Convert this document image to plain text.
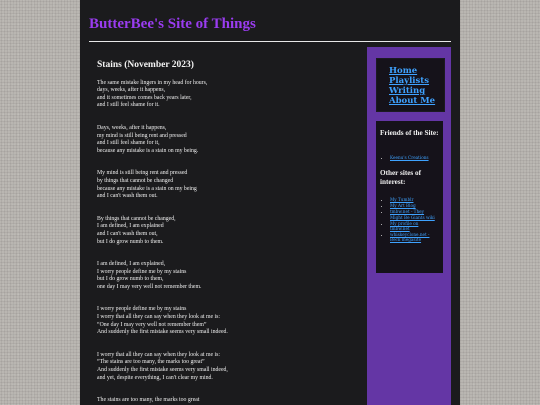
ButterBee's Site of Things
Stains (November 2023)

The same mistake lingers in my head for hours,
days, weeks, after it happens,
and it sometimes comes back years later,
and I still feel shame for it.

Days, weeks, after it happens,
my mind is still being rent and pressed
and I still feel shame for it,
because any mistake is a stain on my being.

My mind is still being rent and pressed
by things that cannot be changed
because any mistake is a stain on my being
and I can't wash them out.

By things that cannot be changed,
I am defined, I am explained
and I can't wash them out,
but I do grow numb to them.

I am defined, I am explained,
I worry people define me by my stains
but I do grow numb to them,
one day I may very well not remember them.

I worry people define me by my stains
I worry that all they can say when they look at me is:
“One day I may very well not remember them”
And suddenly the first mistake seems very small indeed.

I worry that all they can say when they look at me is:
“The stains are too many, the marks too great”
And suddenly the first mistake seems very small indeed,
and yet, despite everything, I can't clear my mind.

The stains are too many, the marks too great

Home
Playlists
Writing
About Me
Friends of the Site:
• Keenu's Creations
Other sites of interest:
• My Tumblr
• My Art Blog
• tmbw.net - They Might Be Giants wiki
• My profile on tmbw.net
• whiskeyclone.net - Beck megasite
